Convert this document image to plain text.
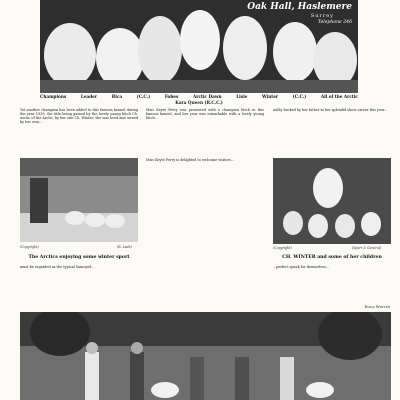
Oak Hall, Haslemere
Surrey
Telephone 246
Champions	Leader	Rica	(C.C.)	Fobes	Arctic Dawn	Lisle	Winter	(C.C.)	All of the Arctic
Kara Queen (R.C.C.)
Yet another champion has been added to this famous kennel during the year 1939, the title being gained by the lovely young bitch Ch. Arctic of the Arctic, by her sire Ch. Winter; she was bred and owned by her own...
Miss Keyte Perry was presented with a champion bitch in this famous kennel, and her year was remarkable with a lovely young bitch...
nobly backed by her father in her splendid show career this year...
The Arctics enjoying some winter sport
(Copyright)	(R. Lade)
Miss Keyte Perry is delighted to welcome visitors...
(Copyright)	(Sport & General)
CH. WINTER and some of her children
must be regarded as the typical Samoyed...	...perfect speak for themselves...
Edna Winter
